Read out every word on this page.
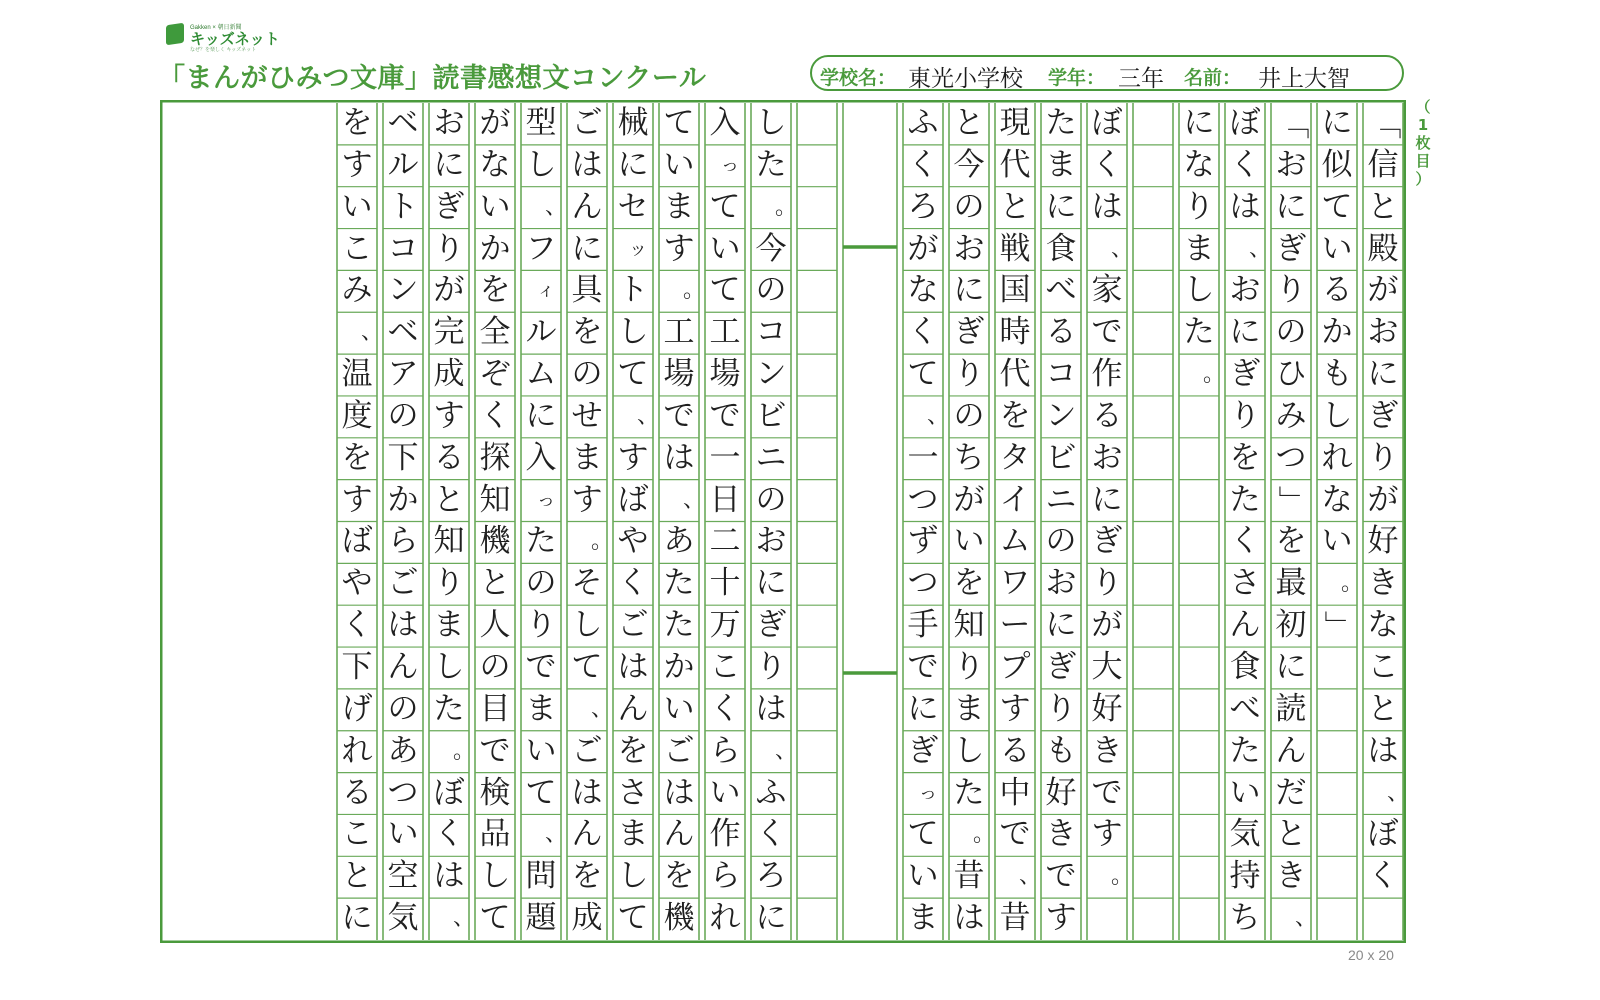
Gakken × 朝日新聞
キッズネット
なぜ？を楽しく キッズネット
「まんがひみつ文庫」読書感想文コンクール	学校名： 東光小学校 学年： 三年 名前： 井上大智
「
信
と
殿
が
お
に
ぎ
り
が
好
き
な
こ
と
は
、
ぼ
く
に
似
て
い
る
か
も
し
れ
な
い
。
」
「
お
に
ぎ
り
の
ひ
み
つ
」
を
最
初
に
読
ん
だ
と
き
、
ぼ
く
は
、
お
に
ぎ
り
を
た
く
さ
ん
食
べ
た
い
気
持
ち
に
な
り
ま
し
た
。
ぼ
く
は
、
家
で
作
る
お
に
ぎ
り
が
大
好
き
で
す
。
た
ま
に
食
べ
る
コ
ン
ビ
ニ
の
お
に
ぎ
り
も
好
き
で
す
現
代
と
戦
国
時
代
を
タ
イ
ム
ワ
ー
プ
す
る
中
で
、
昔
と
今
の
お
に
ぎ
り
の
ち
が
い
を
知
り
ま
し
た
。
昔
は
ふ
く
ろ
が
な
く
て
、
一
つ
ず
つ
手
で
に
ぎ
っ
て
い
ま
し
た
。
今
の
コ
ン
ビ
ニ
の
お
に
ぎ
り
は
、
ふ
く
ろ
に
入
っ
て
い
て
工
場
で
一
日
二
十
万
こ
く
ら
い
作
ら
れ
て
い
ま
す
。
工
場
で
は
、
あ
た
た
か
い
ご
は
ん
を
機
械
に
セ
ッ
ト
し
て
、
す
ば
や
く
ご
は
ん
を
さ
ま
し
て
ご
は
ん
に
具
を
の
せ
ま
す
。
そ
し
て
、
ご
は
ん
を
成
型
し
、
フ
ィ
ル
ム
に
入
っ
た
の
り
で
ま
い
て
、
問
題
が
な
い
か
を
全
ぞ
く
探
知
機
と
人
の
目
で
検
品
し
て
お
に
ぎ
り
が
完
成
す
る
と
知
り
ま
し
た
。
ぼ
く
は
、
ベ
ル
ト
コ
ン
ベ
ア
の
下
か
ら
ご
は
ん
の
あ
つ
い
空
気
を
す
い
こ
み
、
温
度
を
す
ば
や
く
下
げ
れ
る
こ
と
に
（
1
枚
目
）
20 x 20
